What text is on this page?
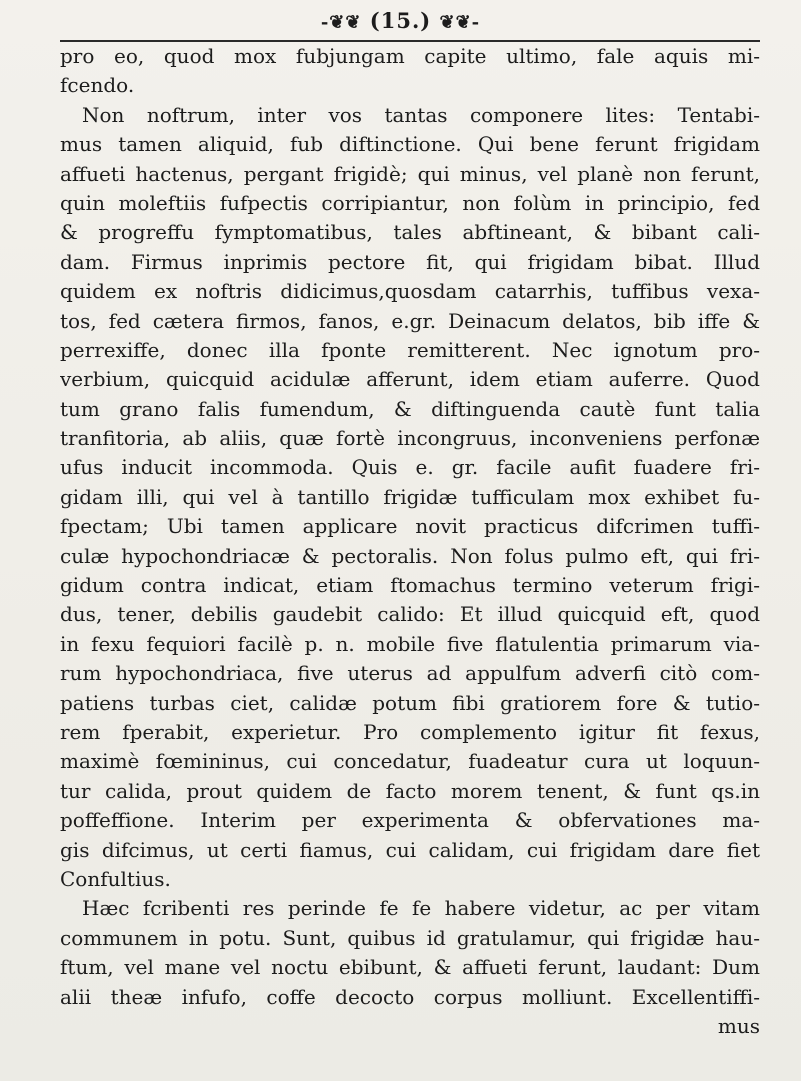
-❦❦ (15.) ❦❦-
pro eo, quod mox fubjungam capite ultimo, fale aquis mi-
fcendo.
Non noftrum, inter vos tantas componere lites: Tentabi-
mus tamen aliquid, fub diftinctione. Qui bene ferunt frigidam
affueti hactenus, pergant frigidè; qui minus, vel planè non ferunt,
quin moleftiis fufpectis corripiantur, non folùm in principio, fed
& progreffu fymptomatibus, tales abftineant, & bibant cali-
dam. Firmus inprimis pectore fit, qui frigidam bibat. Illud
quidem ex noftris didicimus,quosdam catarrhis, tuffibus vexa-
tos, fed cætera firmos, fanos, e.gr. Deinacum delatos, bib iffe &
perrexiffe, donec illa fponte remitterent. Nec ignotum pro-
verbium, quicquid acidulæ afferunt, idem etiam auferre. Quod
tum grano falis fumendum, & diftinguenda cautè funt talia
tranfitoria, ab aliis, quæ fortè incongruus, inconveniens perfonæ
ufus inducit incommoda. Quis e. gr. facile aufit fuadere fri-
gidam illi, qui vel à tantillo frigidæ tufficulam mox exhibet fu-
fpectam; Ubi tamen applicare novit practicus difcrimen tuffi-
culæ hypochondriacæ & pectoralis. Non folus pulmo eft, qui fri-
gidum contra indicat, etiam ftomachus termino veterum frigi-
dus, tener, debilis gaudebit calido: Et illud quicquid eft, quod
in fexu fequiori facilè p. n. mobile five flatulentia primarum via-
rum hypochondriaca, five uterus ad appulfum adverfi citò com-
patiens turbas ciet, calidæ potum fibi gratiorem fore & tutio-
rem fperabit, experietur. Pro complemento igitur fit fexus,
maximè fœmininus, cui concedatur, fuadeatur cura ut loquun-
tur calida, prout quidem de facto morem tenent, & funt qs.in
poffeffione. Interim per experimenta & obfervationes ma-
gis difcimus, ut certi fiamus, cui calidam, cui frigidam dare fiet
Confultius.
Hæc fcribenti res perinde fe fe habere videtur, ac per vitam
communem in potu. Sunt, quibus id gratulamur, qui frigidæ hau-
ftum, vel mane vel noctu ebibunt, & affueti ferunt, laudant: Dum
alii theæ infufo, coffe decocto corpus molliunt. Excellentiffi-
mus
